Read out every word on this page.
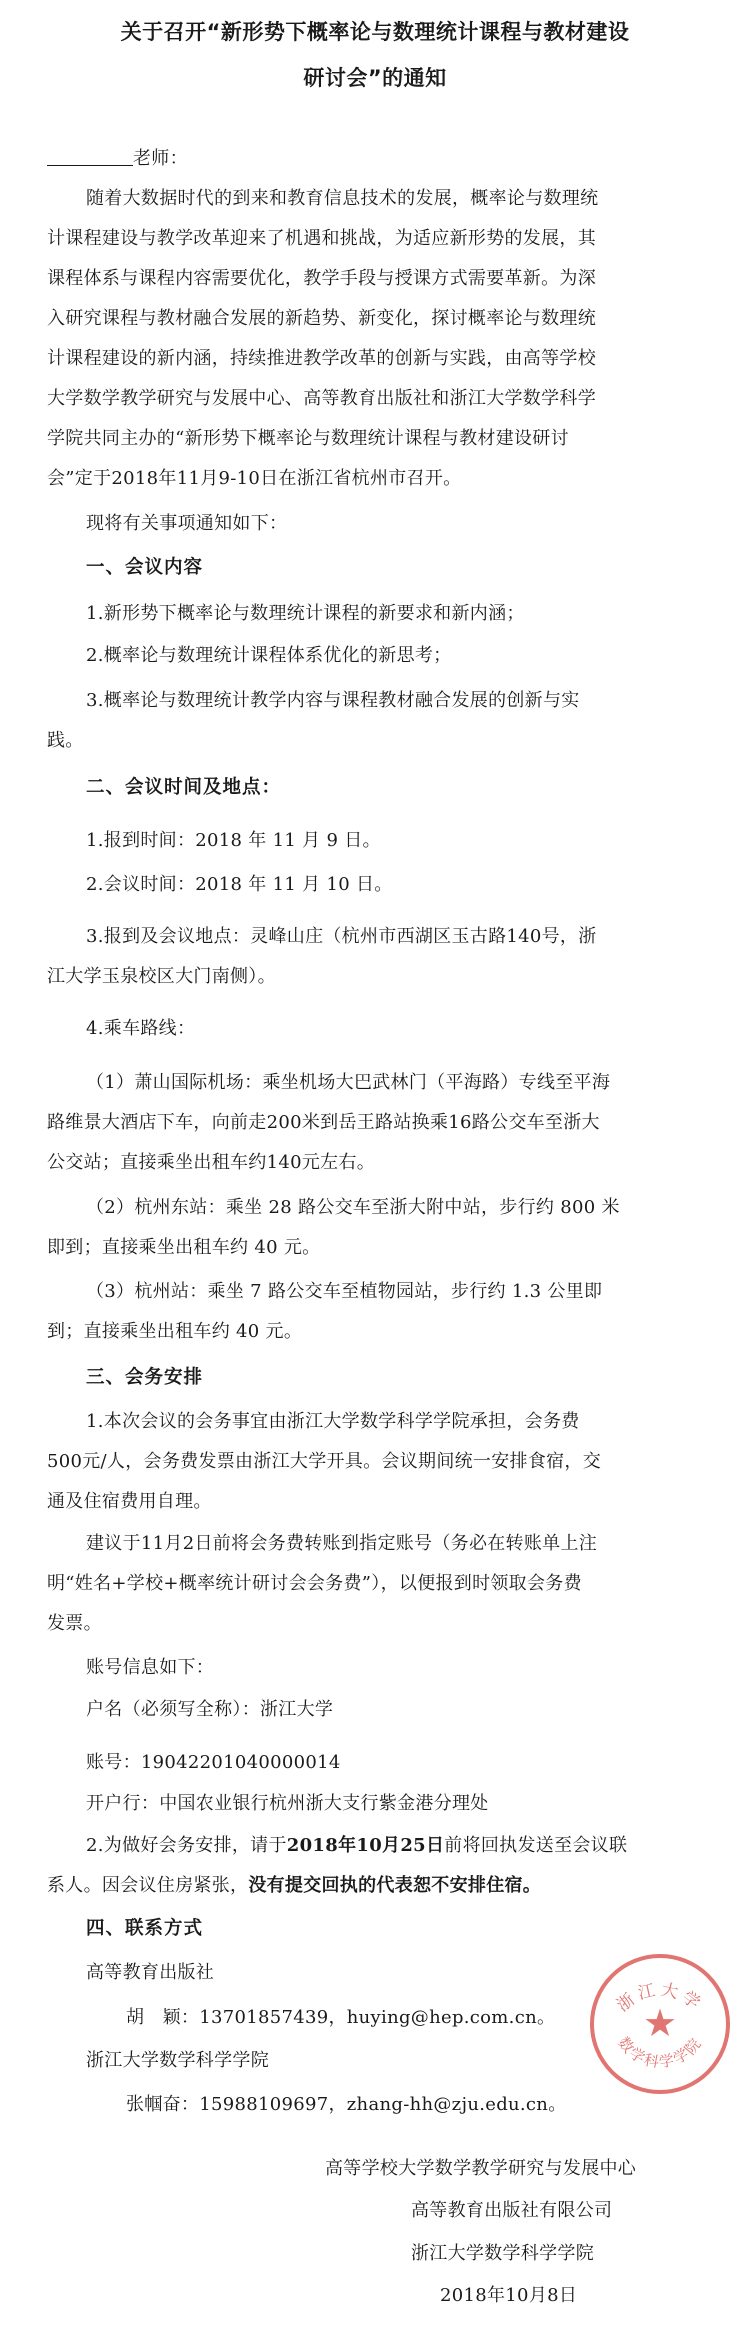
关于召开“新形势下概率论与数理统计课程与教材建设
研讨会”的通知
老师：
随着大数据时代的到来和教育信息技术的发展，概率论与数理统
计课程建设与教学改革迎来了机遇和挑战，为适应新形势的发展，其
课程体系与课程内容需要优化，教学手段与授课方式需要革新。为深
入研究课程与教材融合发展的新趋势、新变化，探讨概率论与数理统
计课程建设的新内涵，持续推进教学改革的创新与实践，由高等学校
大学数学教学研究与发展中心、高等教育出版社和浙江大学数学科学
学院共同主办的“新形势下概率论与数理统计课程与教材建设研讨
会”定于2018年11月9-10日在浙江省杭州市召开。
现将有关事项通知如下：
一、会议内容
1.新形势下概率论与数理统计课程的新要求和新内涵；
2.概率论与数理统计课程体系优化的新思考；
3.概率论与数理统计教学内容与课程教材融合发展的创新与实
践。
二、会议时间及地点：
1.报到时间：2018 年 11 月 9 日。
2.会议时间：2018 年 11 月 10 日。
3.报到及会议地点：灵峰山庄（杭州市西湖区玉古路140号，浙
江大学玉泉校区大门南侧）。
4.乘车路线：
（1）萧山国际机场：乘坐机场大巴武林门（平海路）专线至平海
路维景大酒店下车，向前走200米到岳王路站换乘16路公交车至浙大
公交站；直接乘坐出租车约140元左右。
（2）杭州东站：乘坐 28 路公交车至浙大附中站，步行约 800 米
即到；直接乘坐出租车约 40 元。
（3）杭州站：乘坐 7 路公交车至植物园站，步行约 1.3 公里即
到；直接乘坐出租车约 40 元。
三、会务安排
1.本次会议的会务事宜由浙江大学数学科学学院承担，会务费
500元/人，会务费发票由浙江大学开具。会议期间统一安排食宿，交
通及住宿费用自理。
建议于11月2日前将会务费转账到指定账号（务必在转账单上注
明“姓名+学校+概率统计研讨会会务费”），以便报到时领取会务费
发票。
账号信息如下：
户名（必须写全称）：浙江大学
账号：19042201040000014
开户行：中国农业银行杭州浙大支行紫金港分理处
2.为做好会务安排，请于2018年10月25日前将回执发送至会议联
系人。因会议住房紧张，没有提交回执的代表恕不安排住宿。
四、联系方式
高等教育出版社
胡　颖：13701857439，huying@hep.com.cn。
浙江大学数学科学学院
张帼奋：15988109697，zhang-hh@zju.edu.cn。
浙江大学
★
数学科学学院
高等学校大学数学教学研究与发展中心
高等教育出版社有限公司
浙江大学数学科学学院
2018年10月8日
